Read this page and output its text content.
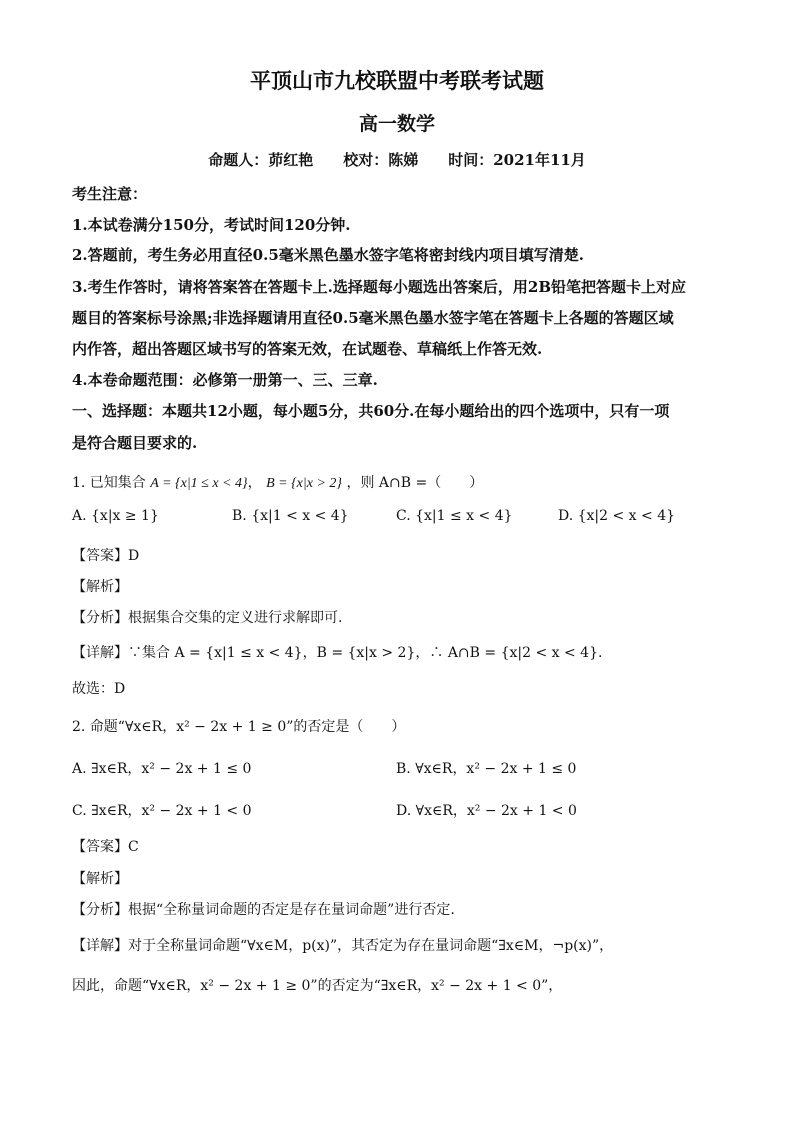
平顶山市九校联盟中考联考试题
高一数学
命题人：茆红艳　　校对：陈娣　　时间：2021年11月
考生注意：
1.本试卷满分150分，考试时间120分钟.
2.答题前，考生务必用直径0.5毫米黑色墨水签字笔将密封线内项目填写清楚.
3.考生作答时，请将答案答在答题卡上.选择题每小题选出答案后，用2B铅笔把答题卡上对应
题目的答案标号涂黑;非选择题请用直径0.5毫米黑色墨水签字笔在答题卡上各题的答题区域
内作答，超出答题区域书写的答案无效，在试题卷、草稿纸上作答无效.
4.本卷命题范围：必修第一册第一、三、三章.
一、选择题：本题共12小题，每小题5分，共60分.在每小题给出的四个选项中，只有一项
是符合题目要求的.
1. 已知集合 A = {x|1 ≤ x < 4}， B = {x|x > 2} ，则 A∩B =（　　）
A. {x|x ≥ 1}	B. {x|1 < x < 4}	C. {x|1 ≤ x < 4}	D. {x|2 < x < 4}
【答案】D
【解析】
【分析】根据集合交集的定义进行求解即可.
【详解】∵集合 A = {x|1 ≤ x < 4}，B = {x|x > 2}，∴ A∩B = {x|2 < x < 4}.
故选：D
2. 命题“∀x∈R，x² − 2x + 1 ≥ 0”的否定是（　　）
A. ∃x∈R，x² − 2x + 1 ≤ 0	B. ∀x∈R，x² − 2x + 1 ≤ 0
C. ∃x∈R，x² − 2x + 1 < 0	D. ∀x∈R，x² − 2x + 1 < 0
【答案】C
【解析】
【分析】根据“全称量词命题的否定是存在量词命题”进行否定.
【详解】对于全称量词命题“∀x∈M，p(x)”，其否定为存在量词命题“∃x∈M，¬p(x)”，
因此，命题“∀x∈R，x² − 2x + 1 ≥ 0”的否定为“∃x∈R，x² − 2x + 1 < 0”，
